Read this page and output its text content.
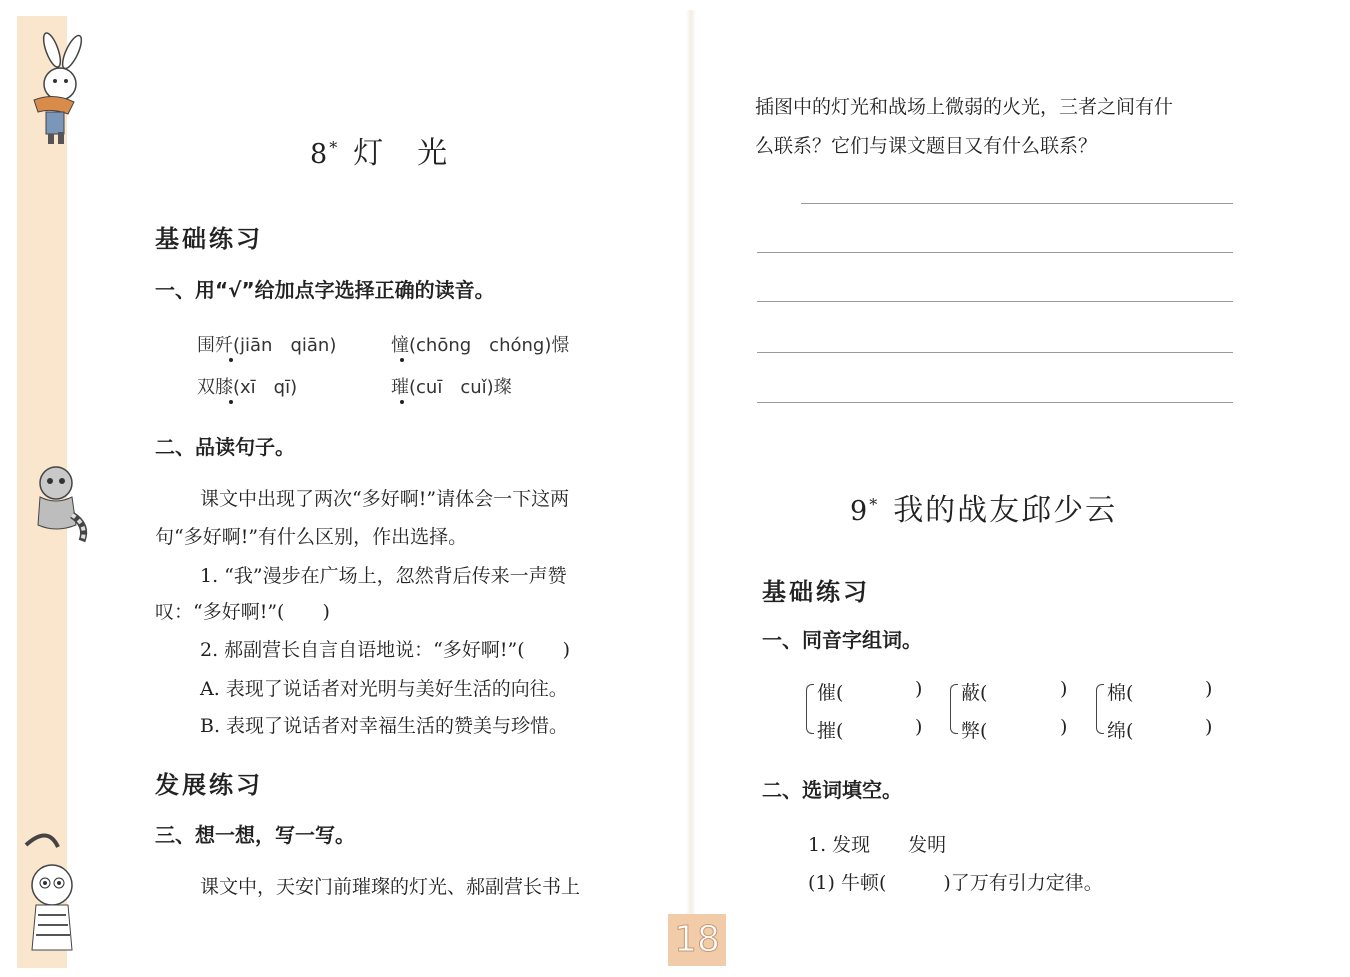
8* 灯　光
基础练习
一、用“√”给加点字选择正确的读音。
围歼(jiān　qiān)	憧(chōng　chóng)憬
双膝(xī　qī)	璀(cuī　cuǐ)璨
二、品读句子。
课文中出现了两次“多好啊!”请体会一下这两
句“多好啊!”有什么区别，作出选择。
1. “我”漫步在广场上，忽然背后传来一声赞
叹：“多好啊!”(　　)
2. 郝副营长自言自语地说：“多好啊!”(　　)
A. 表现了说话者对光明与美好生活的向往。
B. 表现了说话者对幸福生活的赞美与珍惜。
发展练习
三、想一想，写一写。
课文中，天安门前璀璨的灯光、郝副营长书上
插图中的灯光和战场上微弱的火光，三者之间有什
么联系？它们与课文题目又有什么联系？
9* 我的战友邱少云
基础练习
一、同音字组词。
催(
摧(
)
)
蔽(
弊(
)
)
棉(
绵(
)
)
二、选词填空。
1. 发现　　发明
(1) 牛顿(　　　)了万有引力定律。
18
